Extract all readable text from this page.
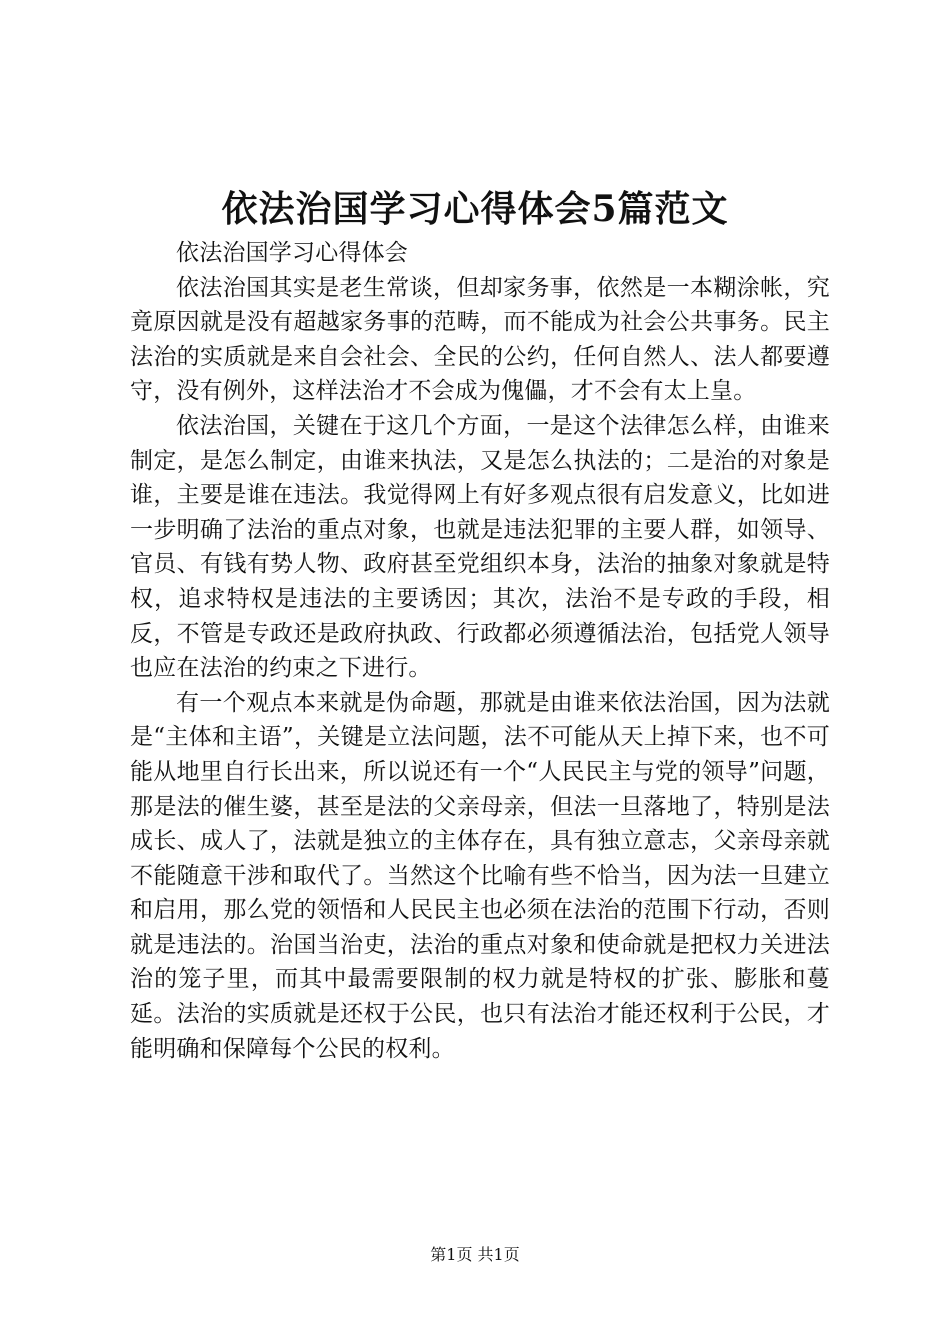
依法治国学习心得体会5篇范文

依法治国学习心得体会

依法治国其实是老生常谈，但却家务事，依然是一本糊涂帐，究竟原因就是没有超越家务事的范畴，而不能成为社会公共事务。民主法治的实质就是来自会社会、全民的公约，任何自然人、法人都要遵守，没有例外，这样法治才不会成为傀儡，才不会有太上皇。

依法治国，关键在于这几个方面，一是这个法律怎么样，由谁来制定，是怎么制定，由谁来执法，又是怎么执法的；二是治的对象是谁，主要是谁在违法。我觉得网上有好多观点很有启发意义，比如进一步明确了法治的重点对象，也就是违法犯罪的主要人群，如领导、官员、有钱有势人物、政府甚至党组织本身，法治的抽象对象就是特权，追求特权是违法的主要诱因；其次，法治不是专政的手段，相反，不管是专政还是政府执政、行政都必须遵循法治，包括党人领导也应在法治的约束之下进行。

有一个观点本来就是伪命题，那就是由谁来依法治国，因为法就是“主体和主语”，关键是立法问题，法不可能从天上掉下来，也不可能从地里自行长出来，所以说还有一个“人民民主与党的领导”问题，那是法的催生婆，甚至是法的父亲母亲，但法一旦落地了，特别是法成长、成人了，法就是独立的主体存在，具有独立意志，父亲母亲就不能随意干涉和取代了。当然这个比喻有些不恰当，因为法一旦建立和启用，那么党的领悟和人民民主也必须在法治的范围下行动，否则就是违法的。治国当治吏，法治的重点对象和使命就是把权力关进法治的笼子里，而其中最需要限制的权力就是特权的扩张、膨胀和蔓延。法治的实质就是还权于公民，也只有法治才能还权利于公民，才能明确和保障每个公民的权利。

第1页 共1页
